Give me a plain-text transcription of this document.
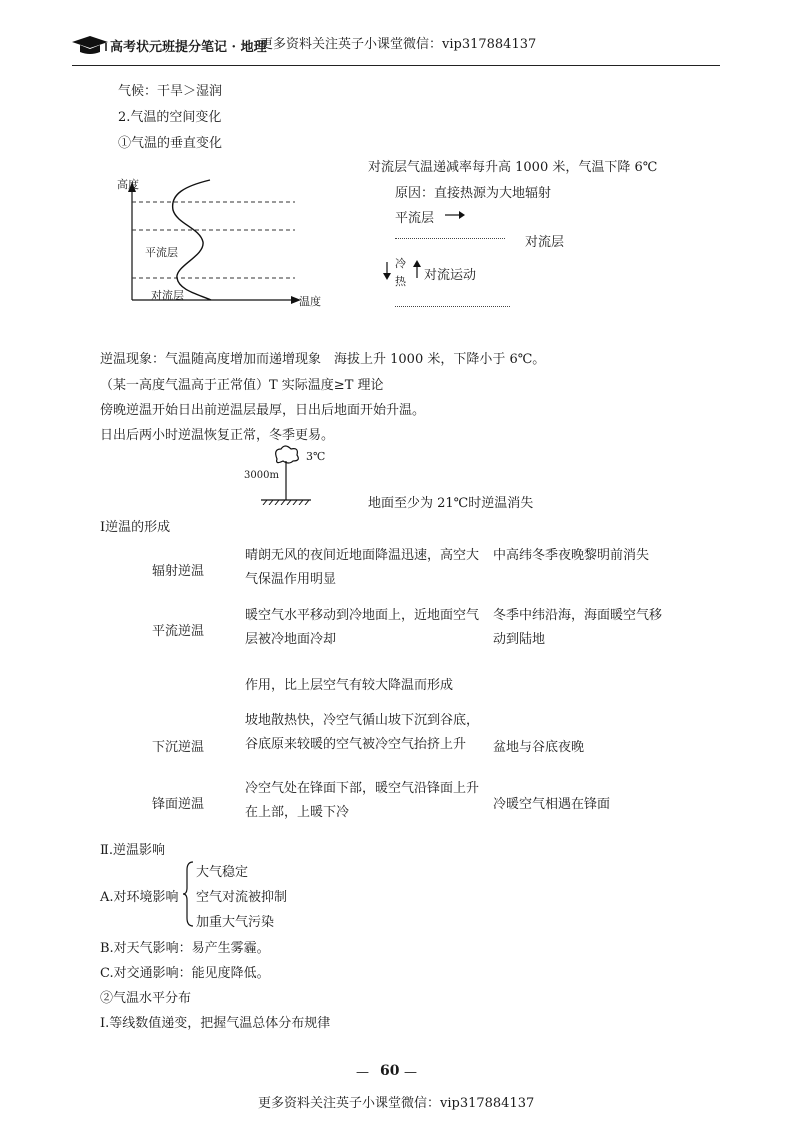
高考状元班提分笔记 · 地理
更多资料关注英子小课堂微信：vip317884137
气候：干旱＞湿润
2.气温的空间变化
①气温的垂直变化
高度
温度
平流层
对流层
对流层气温递减率每升高 1000 米，气温下降 6℃
原因：直接热源为大地辐射
平流层
对流层
冷
热 对流运动
逆温现象：气温随高度增加而递增现象　海拔上升 1000 米，下降小于 6℃。
（某一高度气温高于正常值）T 实际温度≥T 理论
傍晚逆温开始日出前逆温层最厚，日出后地面开始升温。
日出后两小时逆温恢复正常，冬季更易。
3℃
3000m
地面至少为 21℃时逆温消失
Ⅰ逆温的形成
辐射逆温
晴朗无风的夜间近地面降温迅速，高空大气保温作用明显
中高纬冬季夜晚黎明前消失
平流逆温
暖空气水平移动到冷地面上，近地面空气层被冷地面冷却
冬季中纬沿海，海面暖空气移动到陆地
作用，比上层空气有较大降温而形成
下沉逆温
坡地散热快，冷空气循山坡下沉到谷底，谷底原来较暖的空气被冷空气抬挤上升	盆地与谷底夜晚
锋面逆温
冷空气处在锋面下部，暖空气沿锋面上升在上部，上暖下冷
冷暖空气相遇在锋面
Ⅱ.逆温影响
A.对环境影响
大气稳定
空气对流被抑制
加重大气污染
B.对天气影响：易产生雾霾。
C.对交通影响：能见度降低。
②气温水平分布
Ⅰ.等线数值递变，把握气温总体分布规律
— 60 —
更多资料关注英子小课堂微信：vip317884137
